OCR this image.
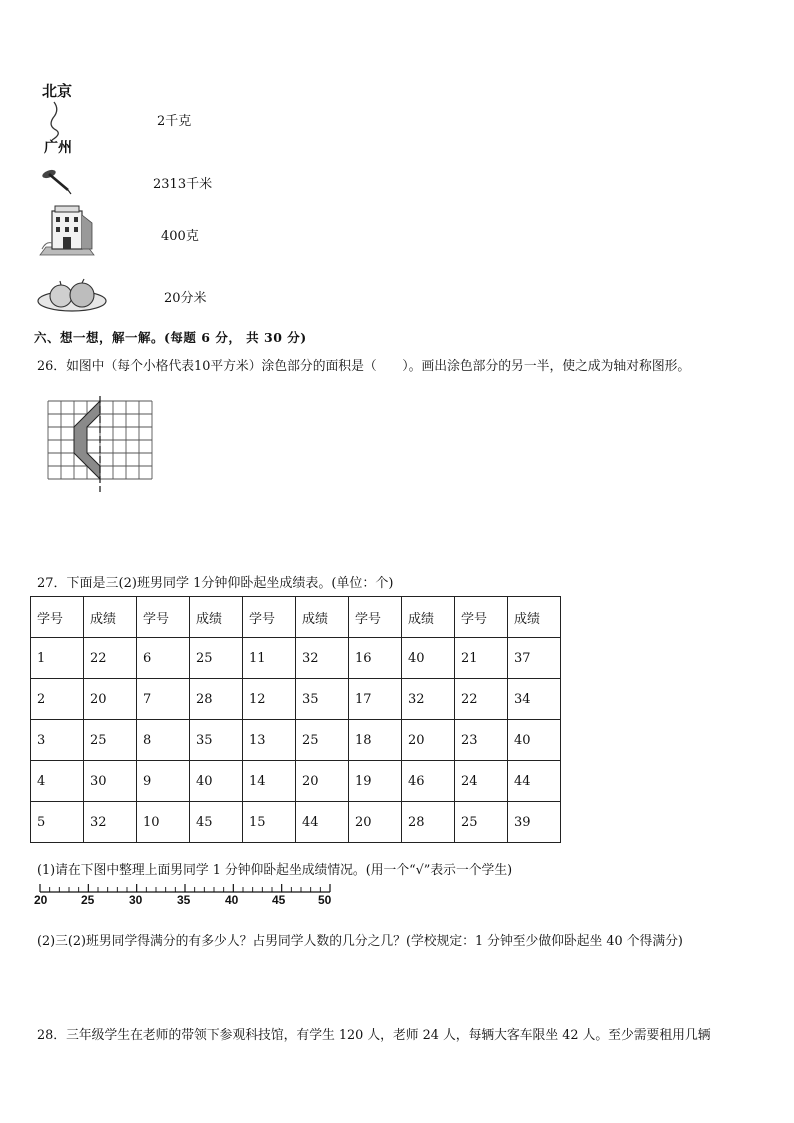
北京
广州
2千克
2313千米
400克
20分米
六、想一想，解一解。(每题 6 分， 共 30 分)
26．如图中（每个小格代表10平方米）涂色部分的面积是（　　）。画出涂色部分的另一半，使之成为轴对称图形。
27．下面是三(2)班男同学 1分钟仰卧起坐成绩表。(单位：个)
学号	成绩	学号	成绩	学号	成绩	学号	成绩	学号	成绩
1	22	6	25	11	32	16	40	21	37
2	20	7	28	12	35	17	32	22	34
3	25	8	35	13	25	18	20	23	40
4	30	9	40	14	20	19	46	24	44
5	32	10	45	15	44	20	28	25	39
(1)请在下图中整理上面男同学 1 分钟仰卧起坐成绩情况。(用一个“√”表示一个学生)
20	25	30	35	40	45	50
(2)三(2)班男同学得满分的有多少人？占男同学人数的几分之几？(学校规定：1 分钟至少做仰卧起坐 40 个得满分)
28．三年级学生在老师的带领下参观科技馆，有学生 120 人，老师 24 人，每辆大客车限坐 42 人。至少需要租用几辆
